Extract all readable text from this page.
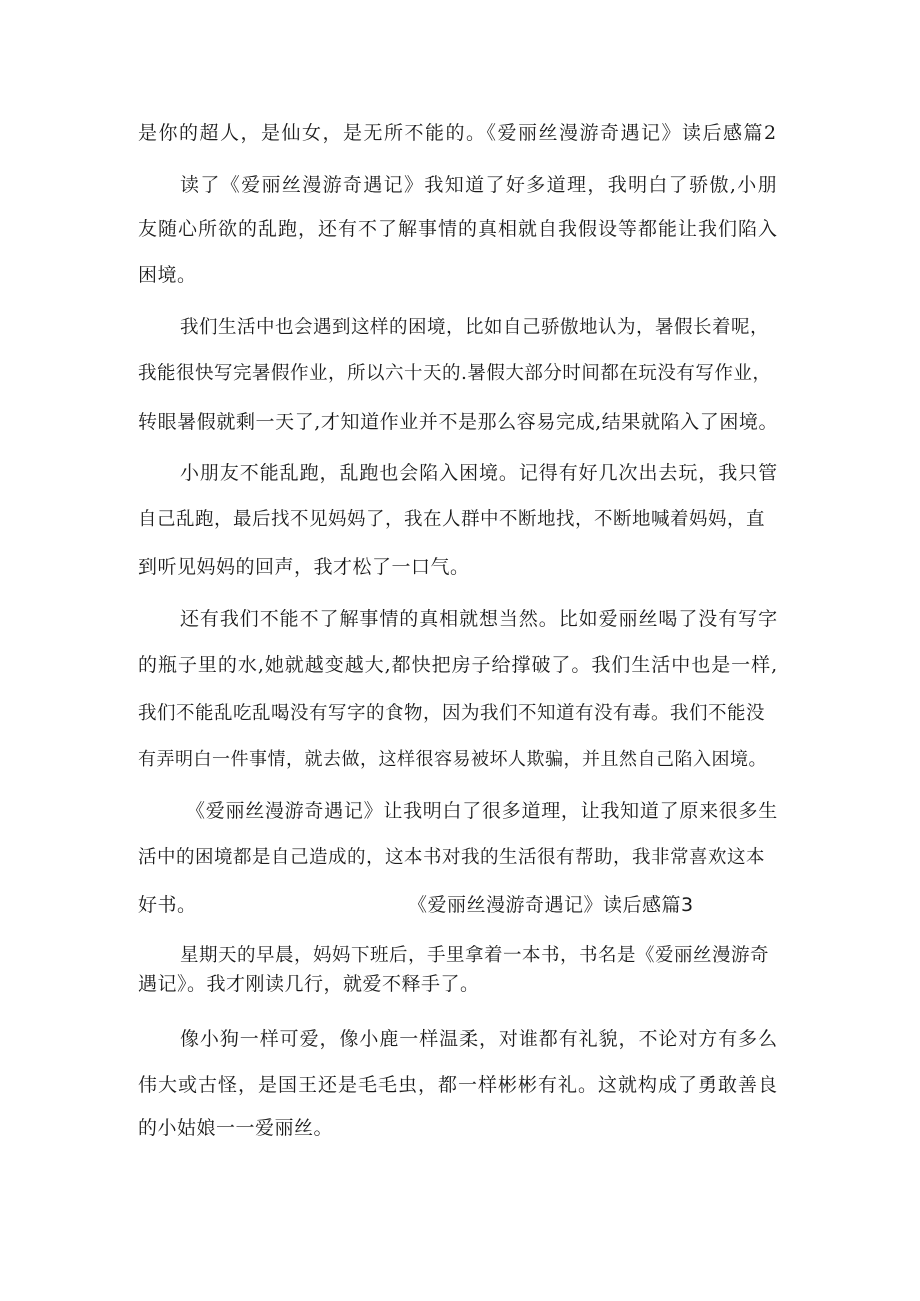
是你的超人，是仙女，是无所不能的。《爱丽丝漫游奇遇记》读后感篇2
读了《爱丽丝漫游奇遇记》我知道了好多道理，我明白了骄傲,小朋
友随心所欲的乱跑，还有不了解事情的真相就自我假设等都能让我们陷入
困境。
我们生活中也会遇到这样的困境，比如自己骄傲地认为，暑假长着呢，
我能很快写完暑假作业，所以六十天的.暑假大部分时间都在玩没有写作业，
转眼暑假就剩一天了,才知道作业并不是那么容易完成,结果就陷入了困境。
小朋友不能乱跑，乱跑也会陷入困境。记得有好几次出去玩，我只管
自己乱跑，最后找不见妈妈了，我在人群中不断地找，不断地喊着妈妈，直
到听见妈妈的回声，我才松了一口气。
还有我们不能不了解事情的真相就想当然。比如爱丽丝喝了没有写字
的瓶子里的水,她就越变越大,都快把房子给撑破了。我们生活中也是一样,
我们不能乱吃乱喝没有写字的食物，因为我们不知道有没有毒。我们不能没
有弄明白一件事情，就去做，这样很容易被坏人欺骗，并且然自己陷入困境。
《爱丽丝漫游奇遇记》让我明白了很多道理，让我知道了原来很多生
活中的困境都是自己造成的，这本书对我的生活很有帮助，我非常喜欢这本
好书。	《爱丽丝漫游奇遇记》读后感篇3
星期天的早晨，妈妈下班后，手里拿着一本书，书名是《爱丽丝漫游奇
遇记》。我才刚读几行，就爱不释手了。
像小狗一样可爱，像小鹿一样温柔，对谁都有礼貌，不论对方有多么
伟大或古怪，是国王还是毛毛虫，都一样彬彬有礼。这就构成了勇敢善良
的小姑娘一一爱丽丝。
